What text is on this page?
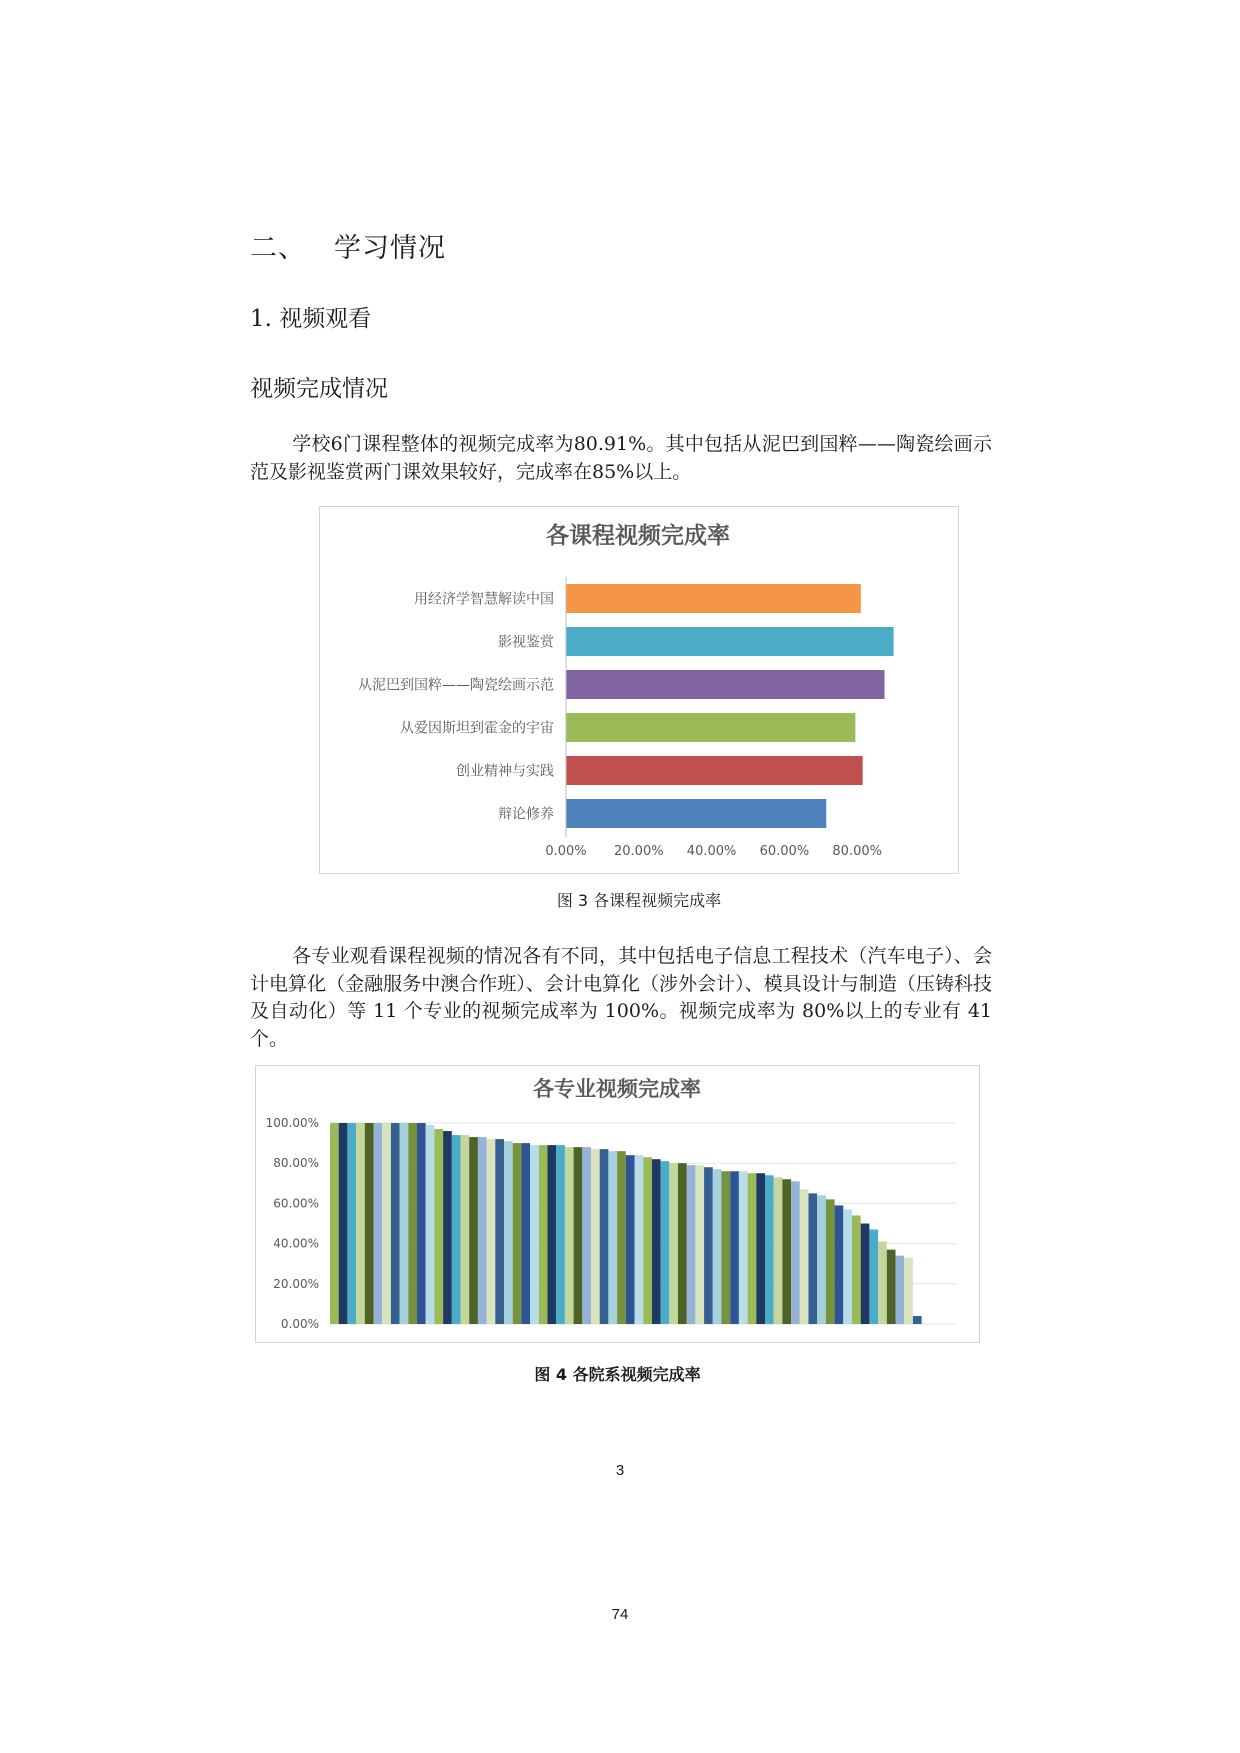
二、 学习情况
1. 视频观看
视频完成情况

学校6门课程整体的视频完成率为80.91%。其中包括从泥巴到国粹——陶瓷绘画示范及影视鉴赏两门课效果较好，完成率在85%以上。

各课程视频完成率
用经济学智慧解读中国
影视鉴赏
从泥巴到国粹——陶瓷绘画示范
从爱因斯坦到霍金的宇宙
创业精神与实践
辩论修养
0.00% 20.00% 40.00% 60.00% 80.00%
图 3 各课程视频完成率

各专业观看课程视频的情况各有不同，其中包括电子信息工程技术（汽车电子）、会计电算化（金融服务中澳合作班）、会计电算化（涉外会计）、模具设计与制造（压铸科技及自动化）等 11 个专业的视频完成率为 100%。视频完成率为 80%以上的专业有 41 个。

各专业视频完成率
0.00%
20.00%
40.00%
60.00%
80.00%
100.00%
图 4 各院系视频完成率
3
74
